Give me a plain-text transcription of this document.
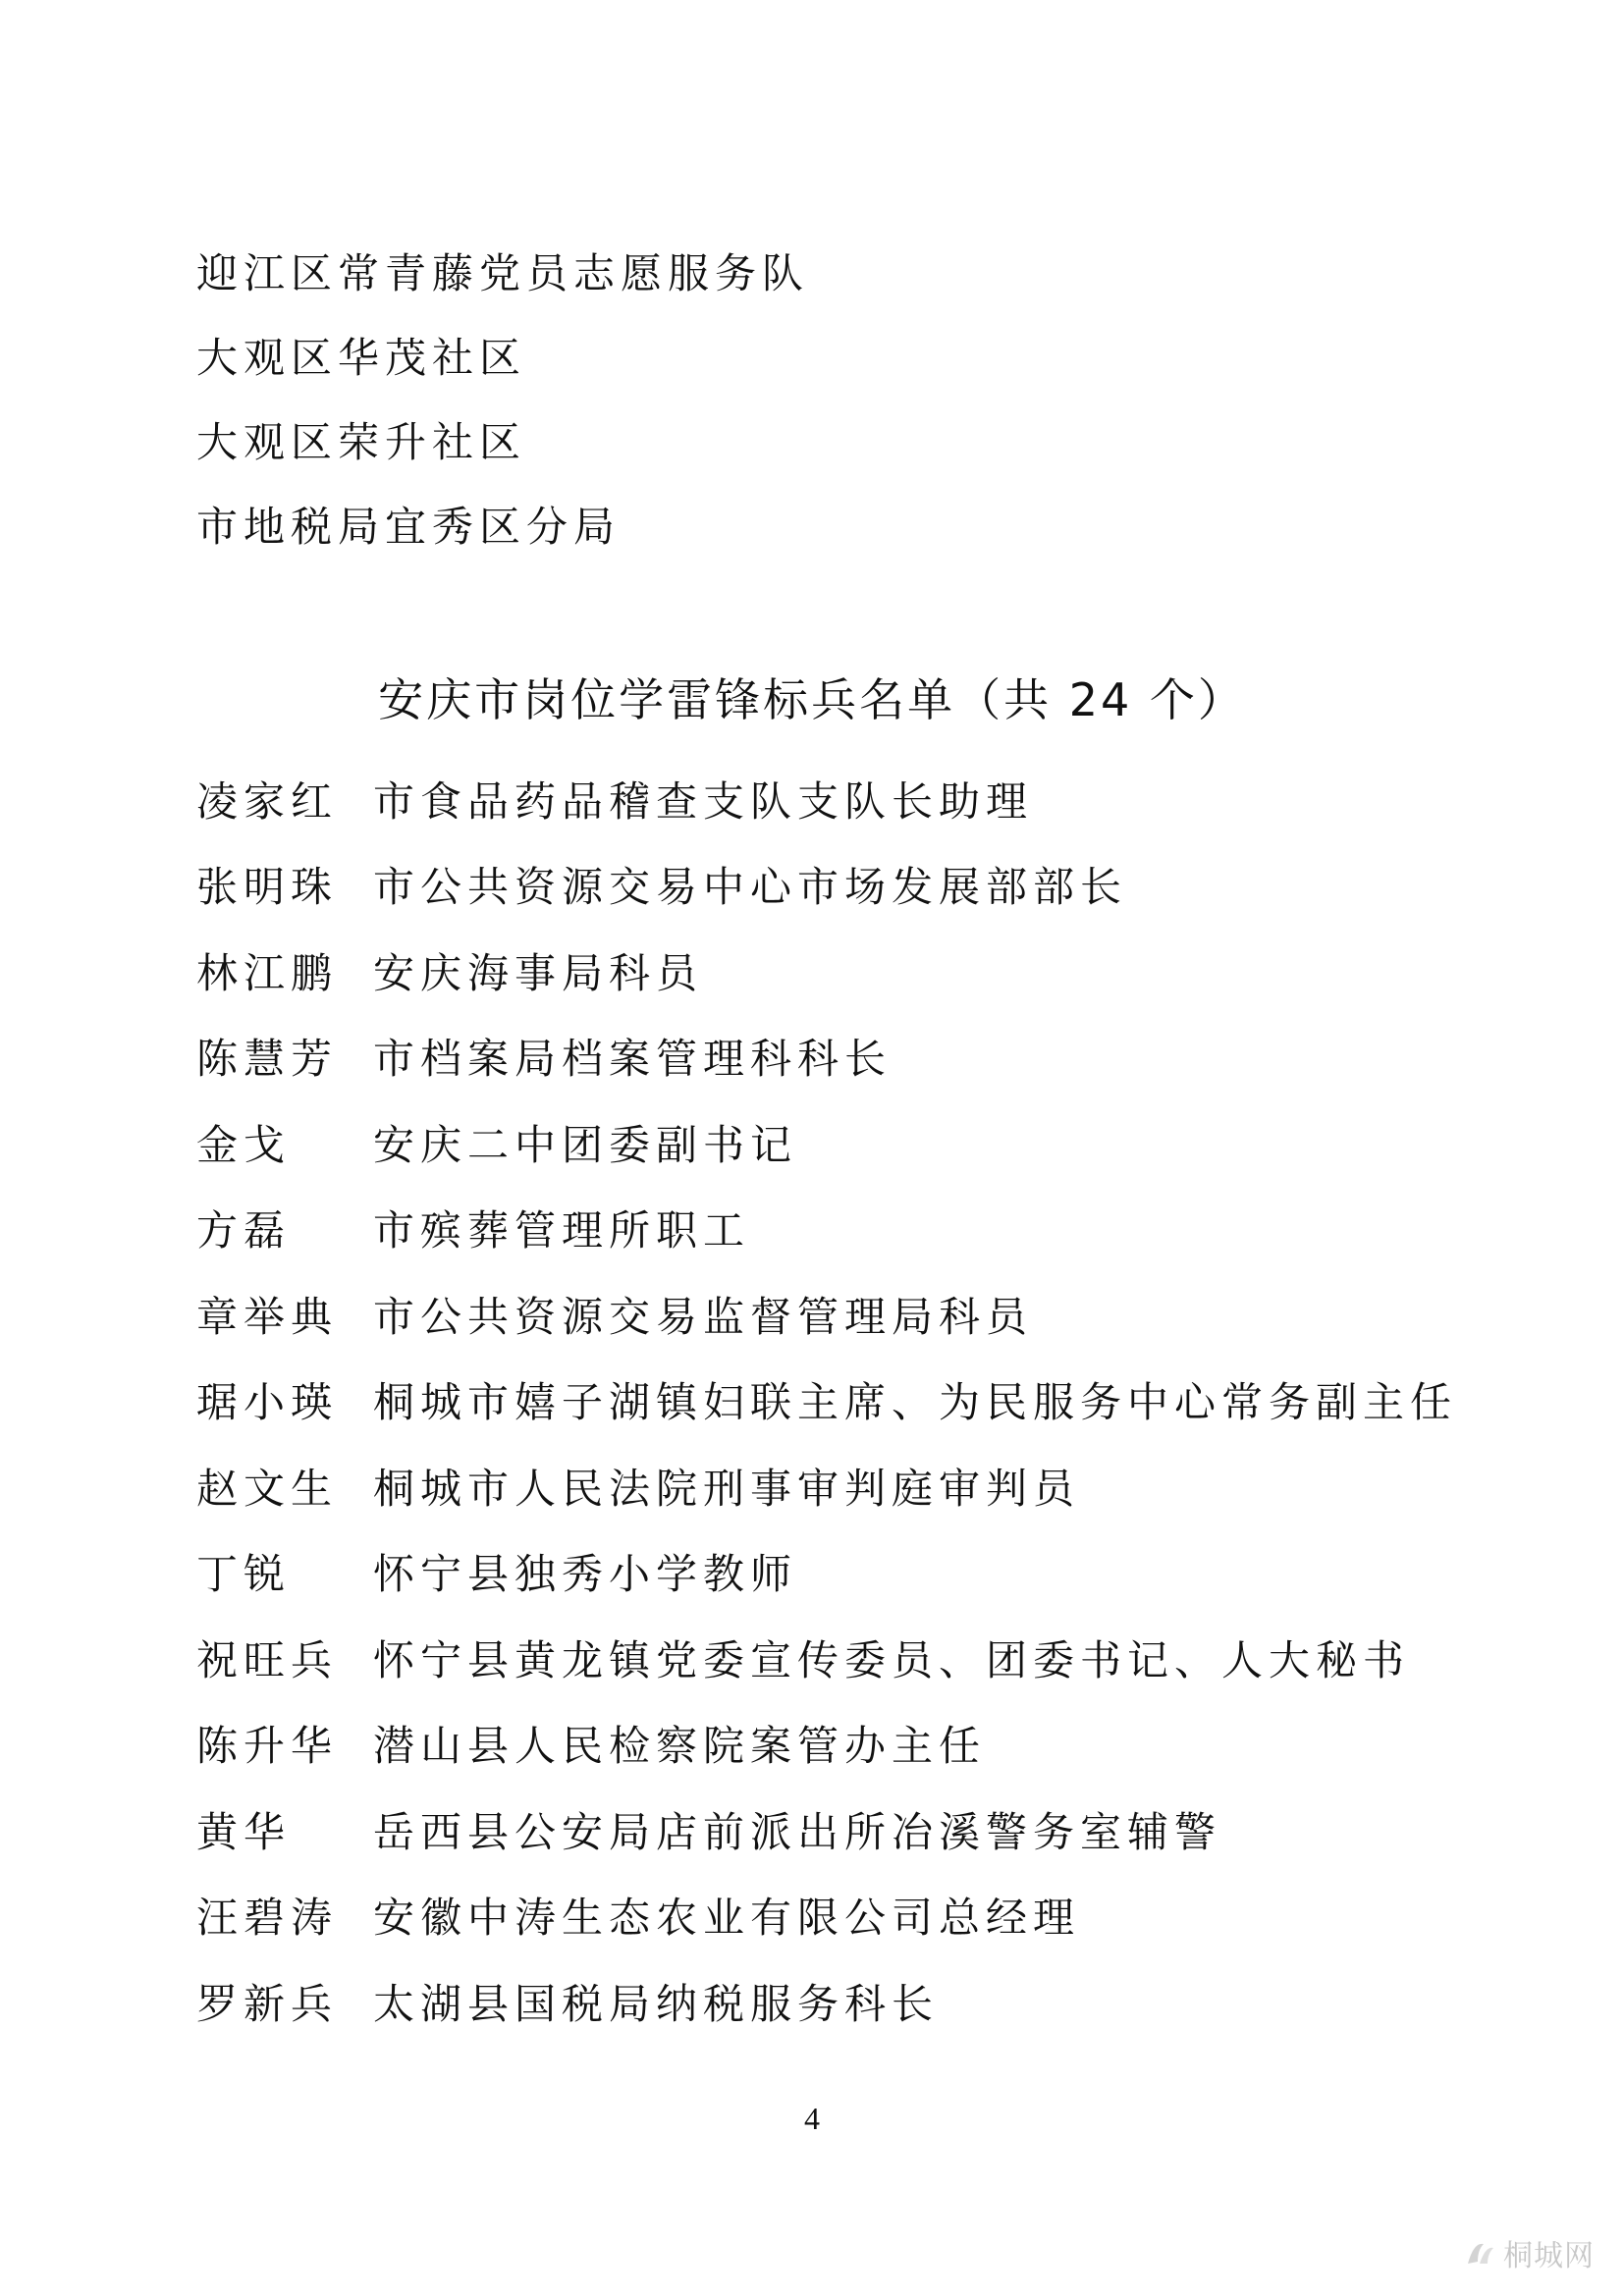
迎江区常青藤党员志愿服务队
大观区华茂社区
大观区荣升社区
市地税局宜秀区分局
安庆市岗位学雷锋标兵名单（共 24 个）
凌家红 市食品药品稽查支队支队长助理
张明珠 市公共资源交易中心市场发展部部长
林江鹏 安庆海事局科员
陈慧芳 市档案局档案管理科科长
金戈	安庆二中团委副书记
方磊	市殡葬管理所职工
章举典 市公共资源交易监督管理局科员
琚小瑛 桐城市嬉子湖镇妇联主席、为民服务中心常务副主任
赵文生 桐城市人民法院刑事审判庭审判员
丁锐	怀宁县独秀小学教师
祝旺兵 怀宁县黄龙镇党委宣传委员、团委书记、人大秘书
陈升华 潜山县人民检察院案管办主任
黄华	岳西县公安局店前派出所冶溪警务室辅警
汪碧涛 安徽中涛生态农业有限公司总经理
罗新兵 太湖县国税局纳税服务科长
4
桐城网
